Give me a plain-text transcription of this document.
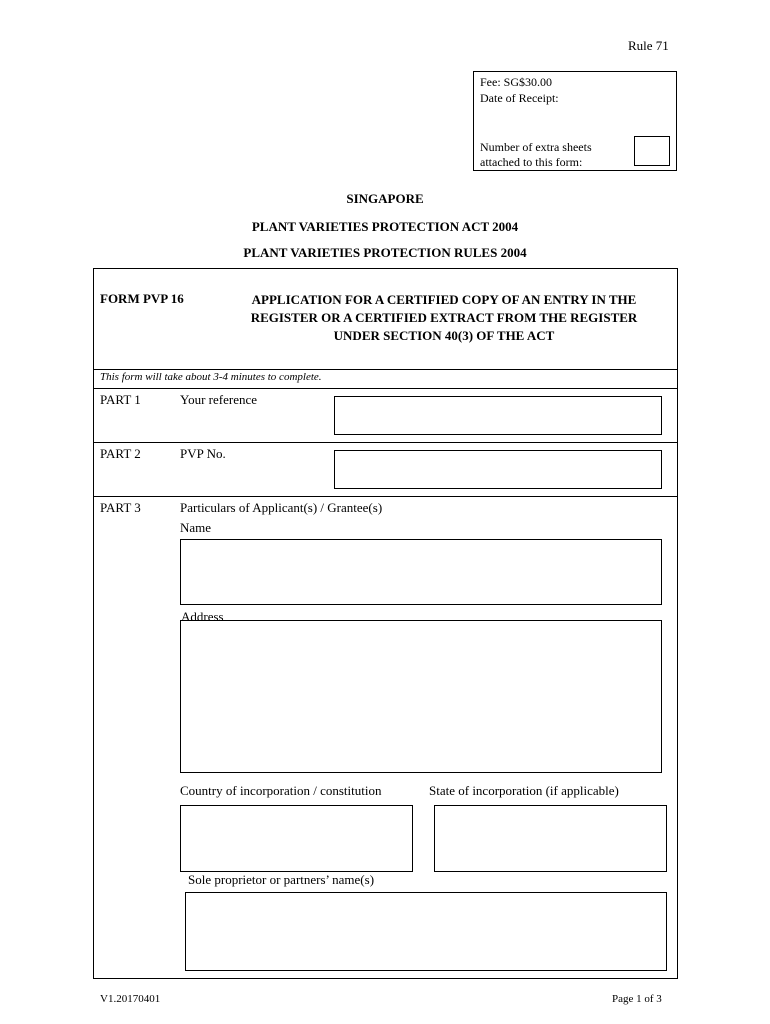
Rule 71
Fee: SG$30.00
Date of Receipt:
Number of extra sheets
attached to this form:
SINGAPORE
PLANT VARIETIES PROTECTION ACT 2004
PLANT VARIETIES PROTECTION RULES 2004
FORM PVP 16	APPLICATION FOR A CERTIFIED COPY OF AN ENTRY IN THE
REGISTER OR A CERTIFIED EXTRACT FROM THE REGISTER
UNDER SECTION 40(3) OF THE ACT
This form will take about 3-4 minutes to complete.
PART 1	Your reference
PART 2	PVP No.
PART 3	Particulars of Applicant(s) / Grantee(s)
Name
Address
Country of incorporation / constitution	State of incorporation (if applicable)
Sole proprietor or partners’ name(s)
V1.20170401	Page 1 of 3
